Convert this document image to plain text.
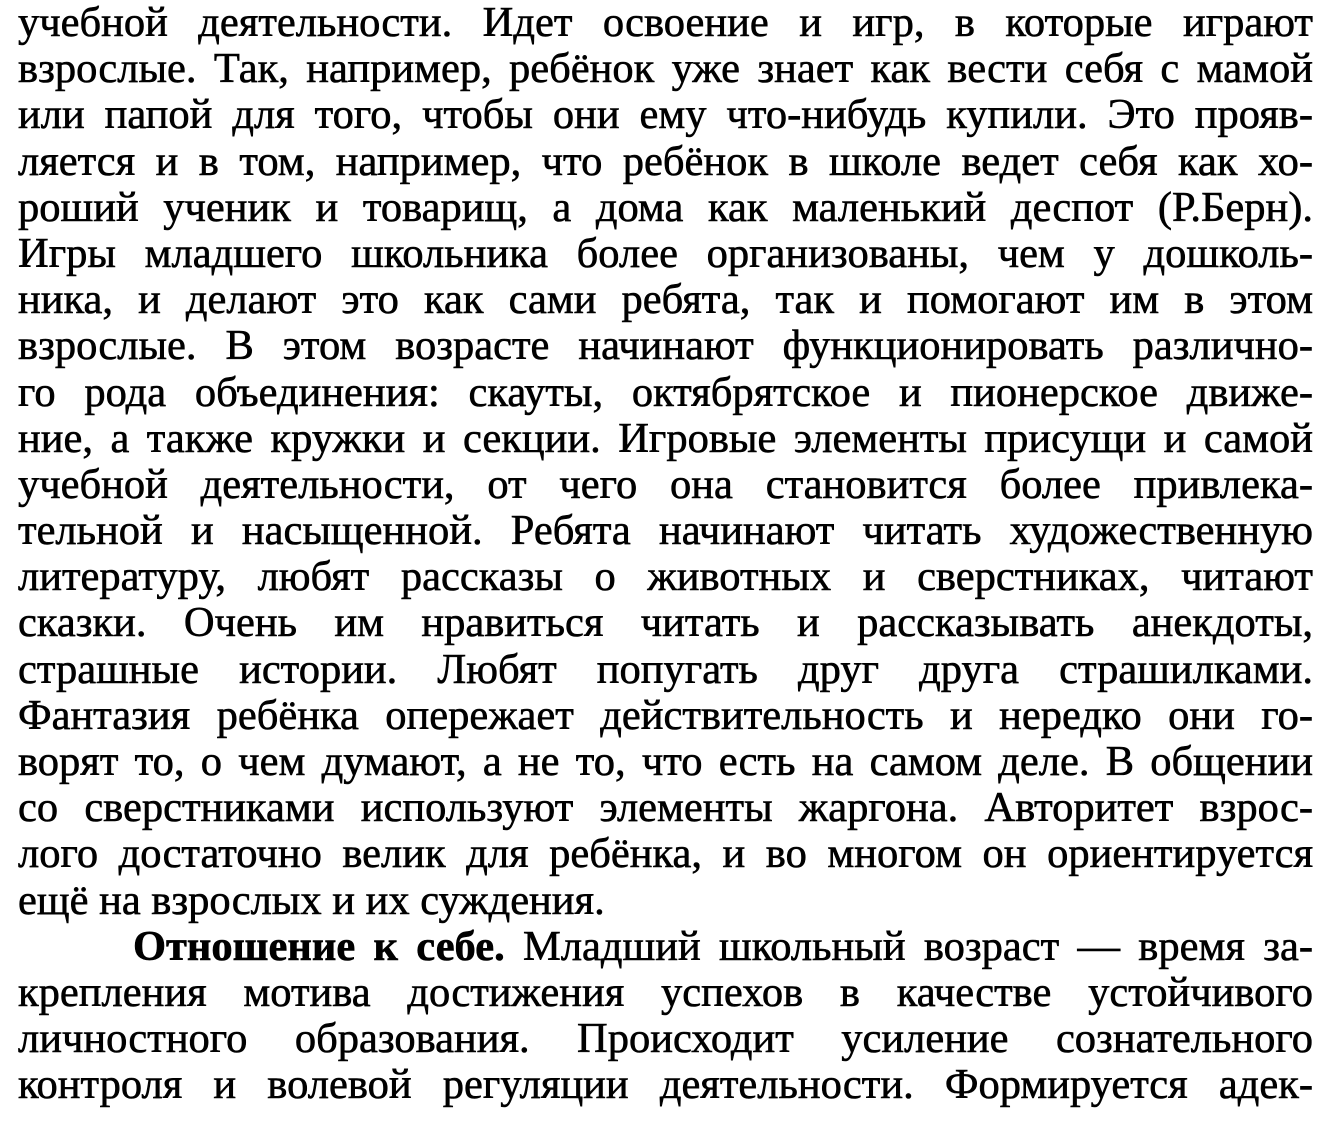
учебной деятельности. Идет освоение и игр, в которые играют
взрослые. Так, например, ребёнок уже знает как вести себя с мамой
или папой для того, чтобы они ему что-нибудь купили. Это прояв-
ляется и в том, например, что ребёнок в школе ведет себя как хо-
роший ученик и товарищ, а дома как маленький деспот (Р.Берн).
Игры младшего школьника более организованы, чем у дошколь-
ника, и делают это как сами ребята, так и помогают им в этом
взрослые. В этом возрасте начинают функционировать различно-
го рода объединения: скауты, октябрятское и пионерское движе-
ние, а также кружки и секции. Игровые элементы присущи и самой
учебной деятельности, от чего она становится более привлека-
тельной и насыщенной. Ребята начинают читать художественную
литературу, любят рассказы о животных и сверстниках, читают
сказки. Очень им нравиться читать и рассказывать анекдоты,
страшные истории. Любят попугать друг друга страшилками.
Фантазия ребёнка опережает действительность и нередко они го-
ворят то, о чем думают, а не то, что есть на самом деле. В общении
со сверстниками используют элементы жаргона. Авторитет взрос-
лого достаточно велик для ребёнка, и во многом он ориентируется
ещё на взрослых и их суждения.
Отношение к себе. Младший школьный возраст — время за-
крепления мотива достижения успехов в качестве устойчивого
личностного образования. Происходит усиление сознательного
контроля и волевой регуляции деятельности. Формируется адек-
